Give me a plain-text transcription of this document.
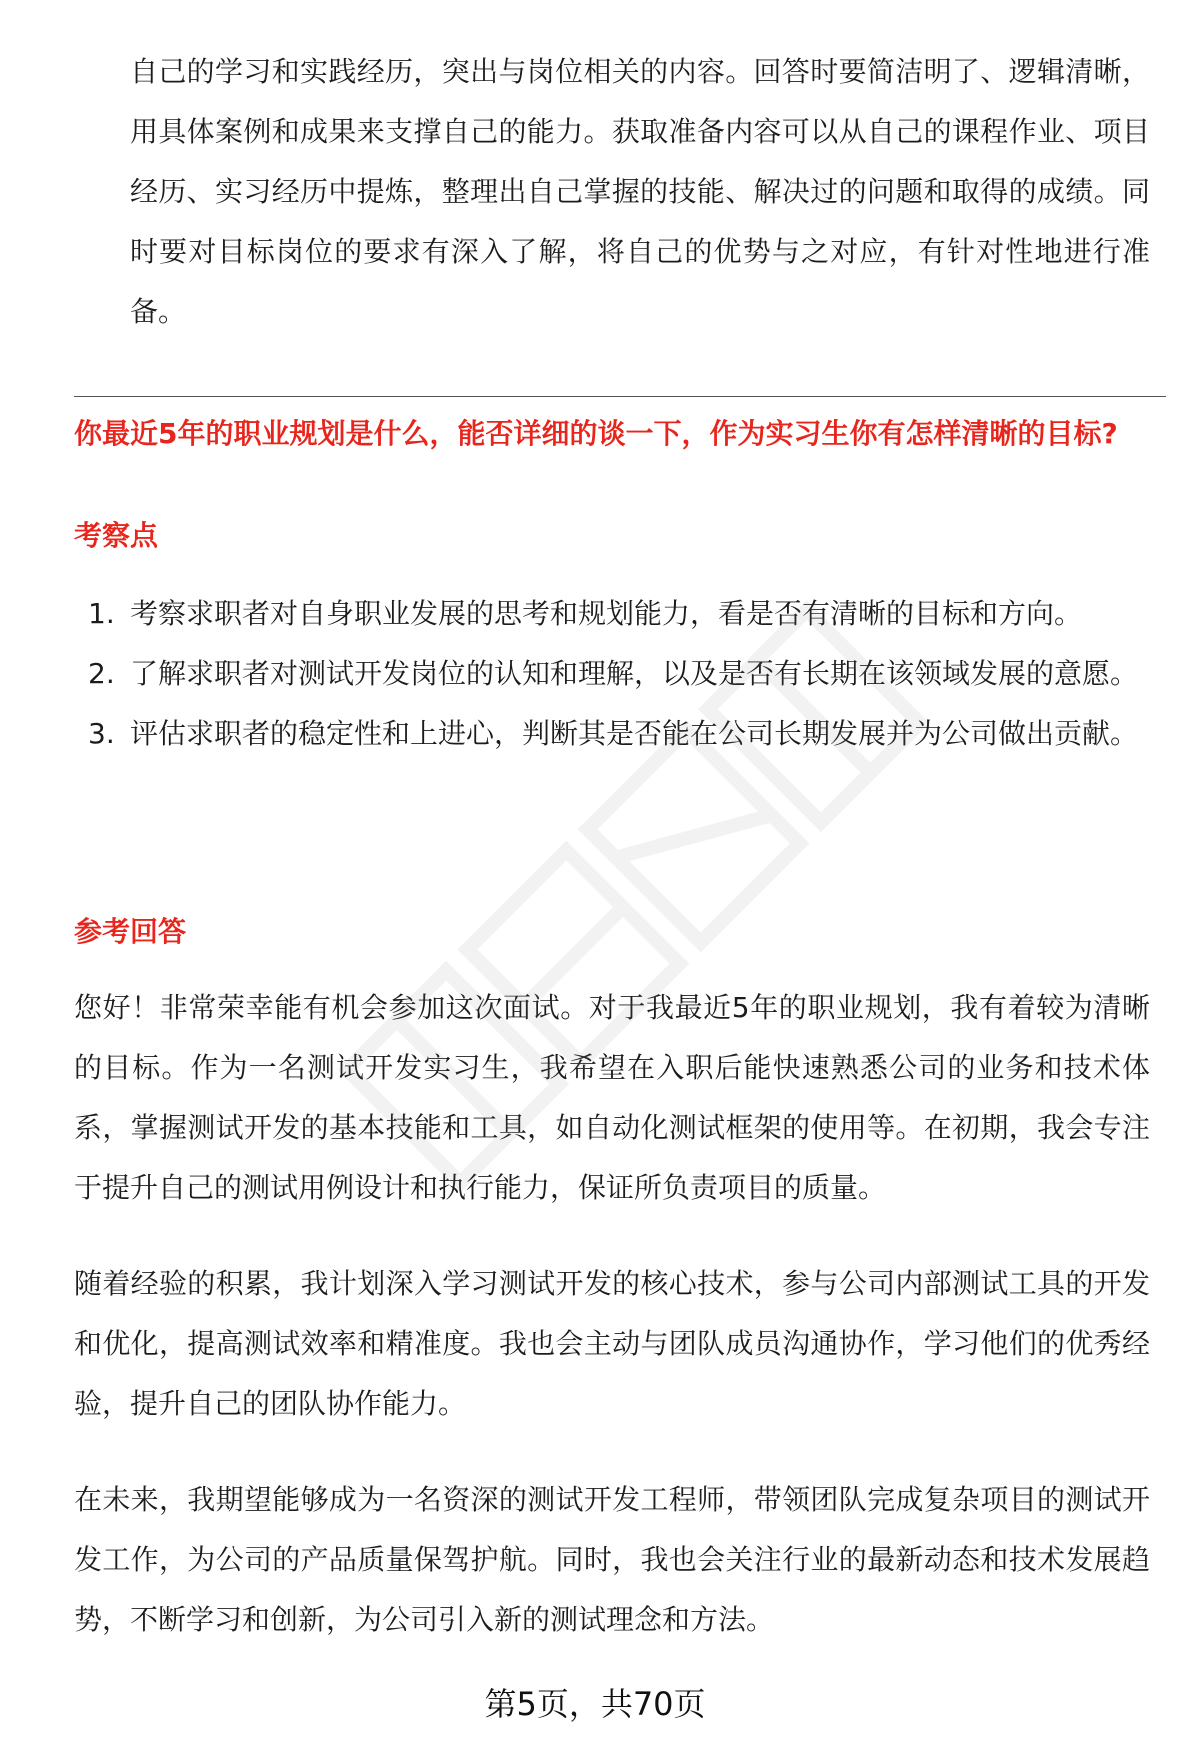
自己的学习和实践经历，突出与岗位相关的内容。回答时要简洁明了、逻辑清晰，用具体案例和成果来支撑自己的能力。获取准备内容可以从自己的课程作业、项目经历、实习经历中提炼，整理出自己掌握的技能、解决过的问题和取得的成绩。同时要对目标岗位的要求有深入了解，将自己的优势与之对应，有针对性地进行准备。

你最近5年的职业规划是什么，能否详细的谈一下，作为实习生你有怎样清晰的目标?
考察点
1. 考察求职者对自身职业发展的思考和规划能力，看是否有清晰的目标和方向。
2. 了解求职者对测试开发岗位的认知和理解，以及是否有长期在该领域发展的意愿。
3. 评估求职者的稳定性和上进心，判断其是否能在公司长期发展并为公司做出贡献。
参考回答

您好！非常荣幸能有机会参加这次面试。对于我最近5年的职业规划，我有着较为清晰的目标。作为一名测试开发实习生，我希望在入职后能快速熟悉公司的业务和技术体系，掌握测试开发的基本技能和工具，如自动化测试框架的使用等。在初期，我会专注于提升自己的测试用例设计和执行能力，保证所负责项目的质量。

随着经验的积累，我计划深入学习测试开发的核心技术，参与公司内部测试工具的开发和优化，提高测试效率和精准度。我也会主动与团队成员沟通协作，学习他们的优秀经验，提升自己的团队协作能力。

在未来，我期望能够成为一名资深的测试开发工程师，带领团队完成复杂项目的测试开发工作，为公司的产品质量保驾护航。同时，我也会关注行业的最新动态和技术发展趋势，不断学习和创新，为公司引入新的测试理念和方法。

第5页，共70页
